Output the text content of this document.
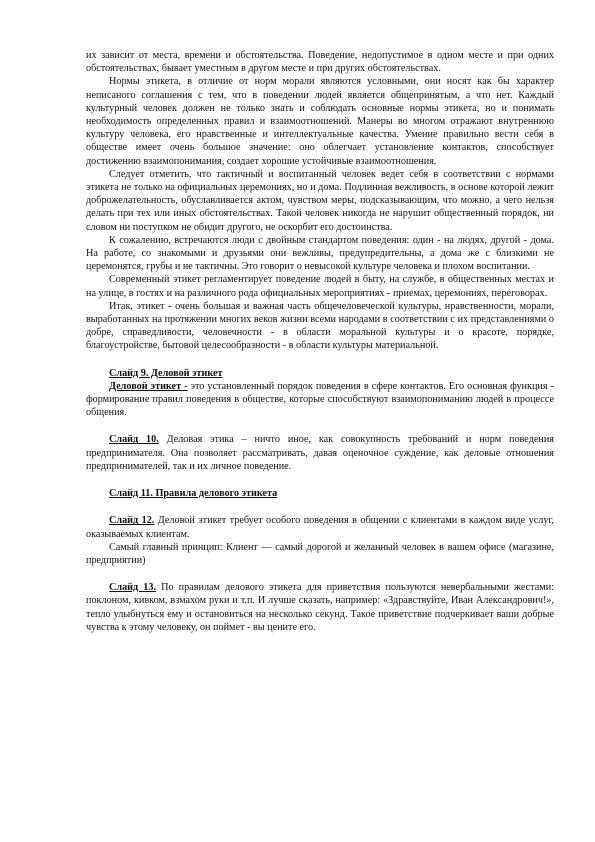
их зависит от места, времени и обстоятельства. Поведение, недопустимое в одном месте и при одних обстоятельствах, бывает уместным в другом месте и при других обстоятельствах.

Нормы этикета, в отличие от норм морали являются условными, они носят как бы характер неписаного соглашения с тем, что в поведении людей является общепринятым, а что нет. Каждый культурный человек должен не только знать и соблюдать основные нормы этикета, но и понимать необходимость определенных правил и взаимоотношений. Манеры во многом отражают внутреннюю культуру человека, его нравственные и интеллектуальные качества. Умение правильно вести себя в обществе имеет очень большое значение: оно облегчает установление контактов, способствует достижению взаимопонимания, создает хорошие устойчивые взаимоотношения.

Следует отметить, что тактичный и воспитанный человек ведет себя в соответствии с нормами этикета не только на официальных церемониях, но и дома. Подлинная вежливость, в основе которой лежит доброжелательность, обуславливается актом, чувством меры, подсказывающим, что можно, а чего нельзя делать при тех или иных обстоятельствах. Такой человек никогда не нарушит общественный порядок, ни словом ни поступком не обидит другого, не оскорбит его достоинства.

К сожалению, встречаются люди с двойным стандартом поведения: один - на людях, другой - дома. На работе, со знакомыми и друзьями они вежливы, предупредительны, а дома же с близкими не церемонятся, грубы и не тактичны. Это говорит о невысокой культуре человека и плохом воспитании.

Современный этикет регламентирует поведение людей в быту, на службе, в общественных местах и на улице, в гостях и на различного рода официальных мероприятиях - приемах, церемониях, переговорах.

Итак, этикет - очень большая и важная часть общечеловеческой культуры, нравственности, морали, выработанных на протяжении многих веков жизни всеми народами в соответствии с их представлениями о добре, справедливости, человечности - в области моральной культуры и о красоте, порядке, благоустройстве, бытовой целесообразности - в области культуры материальной.

Слайд 9. Деловой этикет

Деловой этикет - это установленный порядок поведения в сфере контактов. Его основная функция - формирование правил поведения в обществе, которые способствуют взаимопониманию людей в процессе общения.

Слайд 10. Деловая этика – ничто иное, как совокупность требований и норм поведения предпринимателя. Она позволяет рассматривать, давая оценочное суждение, как деловые отношения предпринимателей, так и их личное поведение.

Слайд 11. Правила делового этикета

Слайд 12. Деловой этикет требует особого поведения в общении с клиентами в каждом виде услуг, оказываемых клиентам.

Самый главный принцип: Клиент — самый дорогой и желанный человек в вашем офисе (магазине, предприятии)

Слайд 13. По правилам делового этикета для приветствия пользуются невербальными жестами: поклоном, кивком, взмахом руки и т.п. И лучше сказать, например: «Здравствуйте, Иван Александрович!», тепло улыбнуться ему и остановиться на несколько секунд. Такое приветствие подчеркивает ваши добрые чувства к этому человеку, он поймет - вы цените его.
